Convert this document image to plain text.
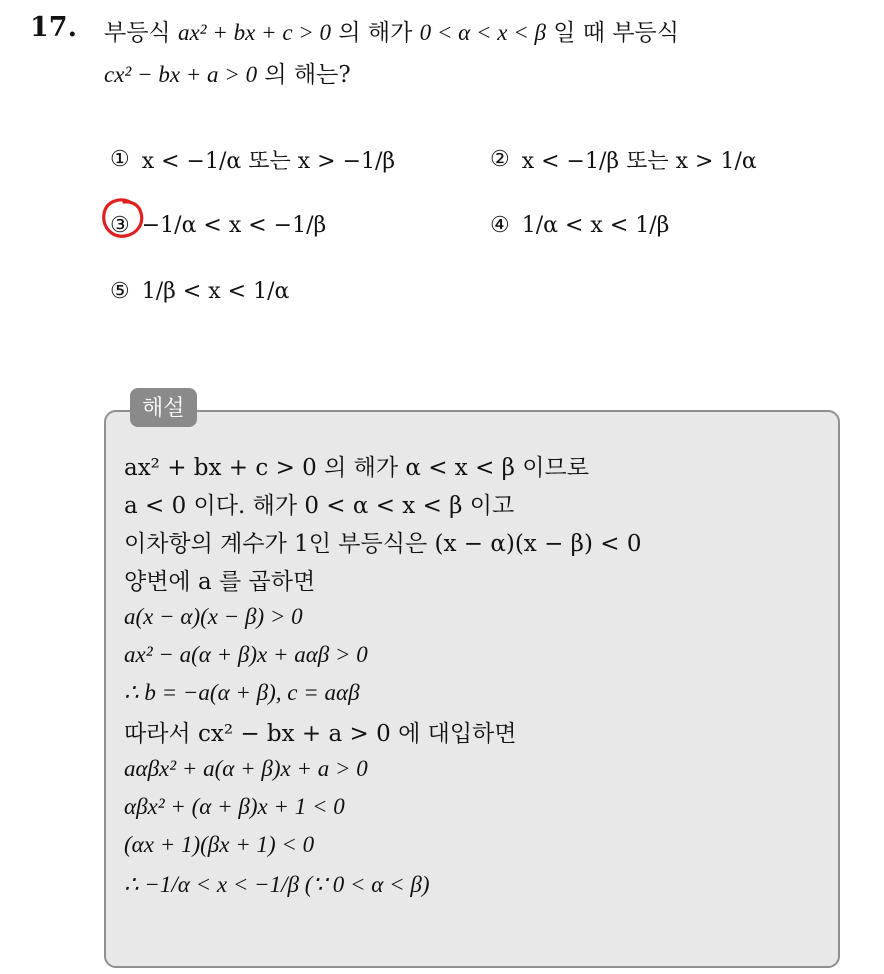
17. 부등식 ax² + bx + c > 0 의 해가 0 < α < x < β 일 때 부등식
cx² − bx + a > 0 의 해는?
① x < −1/α 또는 x > −1/β	② x < −1/β 또는 x > 1/α
③ −1/α < x < −1/β	④ 1/α < x < 1/β
⑤ 1/β < x < 1/α
해설
ax² + bx + c > 0 의 해가 α < x < β 이므로
a < 0 이다. 해가 0 < α < x < β 이고
이차항의 계수가 1인 부등식은 (x − α)(x − β) < 0
양변에 a 를 곱하면
a(x − α)(x − β) > 0
ax² − a(α + β)x + aαβ > 0
∴ b = −a(α + β), c = aαβ
따라서 cx² − bx + a > 0 에 대입하면
aαβx² + a(α + β)x + a > 0
αβx² + (α + β)x + 1 < 0
(αx + 1)(βx + 1) < 0
∴ −1/α < x < −1/β (∵ 0 < α < β)
